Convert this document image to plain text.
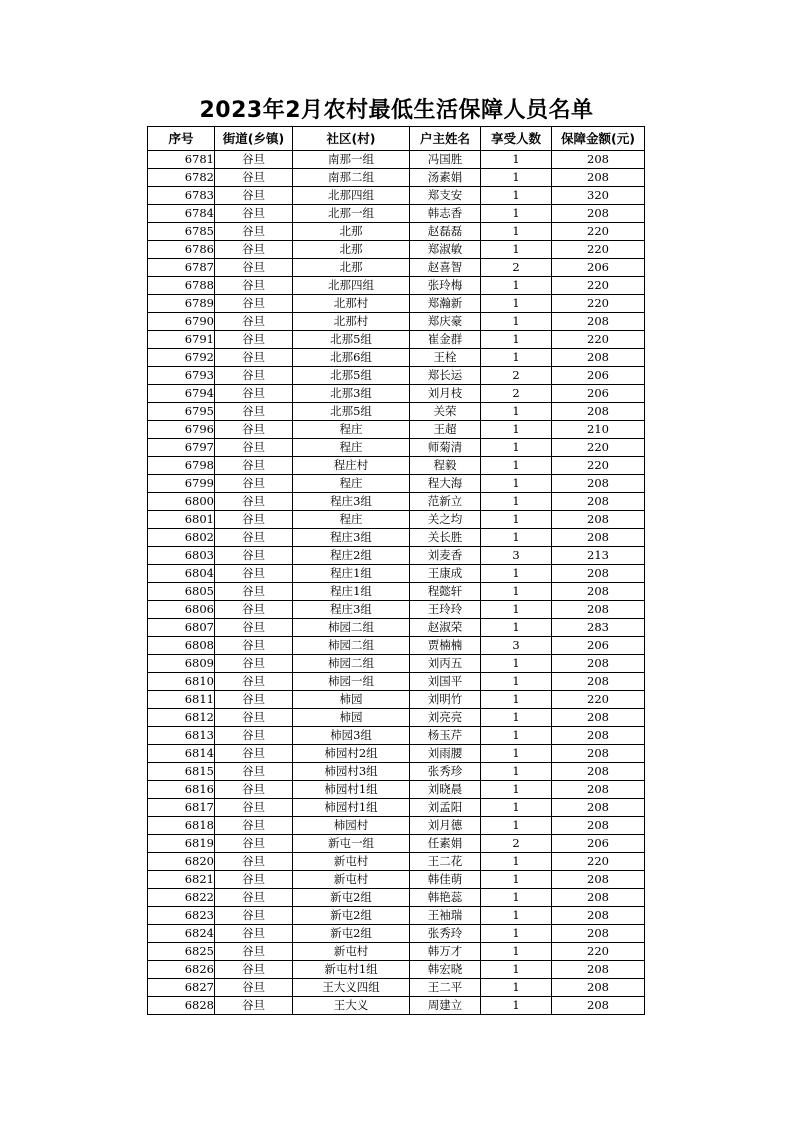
2023年2月农村最低生活保障人员名单
序号	街道(乡镇)	社区(村)	户主姓名	享受人数	保障金额(元)
6781	谷旦	南那一组	冯国胜	1	208
6782	谷旦	南那二组	汤素娟	1	208
6783	谷旦	北那四组	郑支安	1	320
6784	谷旦	北那一组	韩志香	1	208
6785	谷旦	北那	赵磊磊	1	220
6786	谷旦	北那	郑淑敏	1	220
6787	谷旦	北那	赵喜智	2	206
6788	谷旦	北那四组	张玲梅	1	220
6789	谷旦	北那村	郑瀚新	1	220
6790	谷旦	北那村	郑庆豪	1	208
6791	谷旦	北那5组	崔金群	1	220
6792	谷旦	北那6组	王栓	1	208
6793	谷旦	北那5组	郑长运	2	206
6794	谷旦	北那3组	刘月枝	2	206
6795	谷旦	北那5组	关荣	1	208
6796	谷旦	程庄	王超	1	210
6797	谷旦	程庄	师菊清	1	220
6798	谷旦	程庄村	程毅	1	220
6799	谷旦	程庄	程大海	1	208
6800	谷旦	程庄3组	范新立	1	208
6801	谷旦	程庄	关之均	1	208
6802	谷旦	程庄3组	关长胜	1	208
6803	谷旦	程庄2组	刘麦香	3	213
6804	谷旦	程庄1组	王康成	1	208
6805	谷旦	程庄1组	程懿轩	1	208
6806	谷旦	程庄3组	王玲玲	1	208
6807	谷旦	柿园二组	赵淑荣	1	283
6808	谷旦	柿园二组	贾楠楠	3	206
6809	谷旦	柿园二组	刘丙五	1	208
6810	谷旦	柿园一组	刘国平	1	208
6811	谷旦	柿园	刘明竹	1	220
6812	谷旦	柿园	刘亮亮	1	208
6813	谷旦	柿园3组	杨玉芹	1	208
6814	谷旦	柿园村2组	刘雨腰	1	208
6815	谷旦	柿园村3组	张秀珍	1	208
6816	谷旦	柿园村1组	刘晓晨	1	208
6817	谷旦	柿园村1组	刘孟阳	1	208
6818	谷旦	柿园村	刘月德	1	208
6819	谷旦	新屯一组	任素娟	2	206
6820	谷旦	新屯村	王二花	1	220
6821	谷旦	新屯村	韩佳萌	1	208
6822	谷旦	新屯2组	韩艳蕊	1	208
6823	谷旦	新屯2组	王袖瑞	1	208
6824	谷旦	新屯2组	张秀玲	1	208
6825	谷旦	新屯村	韩万才	1	220
6826	谷旦	新屯村1组	韩宏晓	1	208
6827	谷旦	王大义四组	王二平	1	208
6828	谷旦	王大义	周建立	1	208
